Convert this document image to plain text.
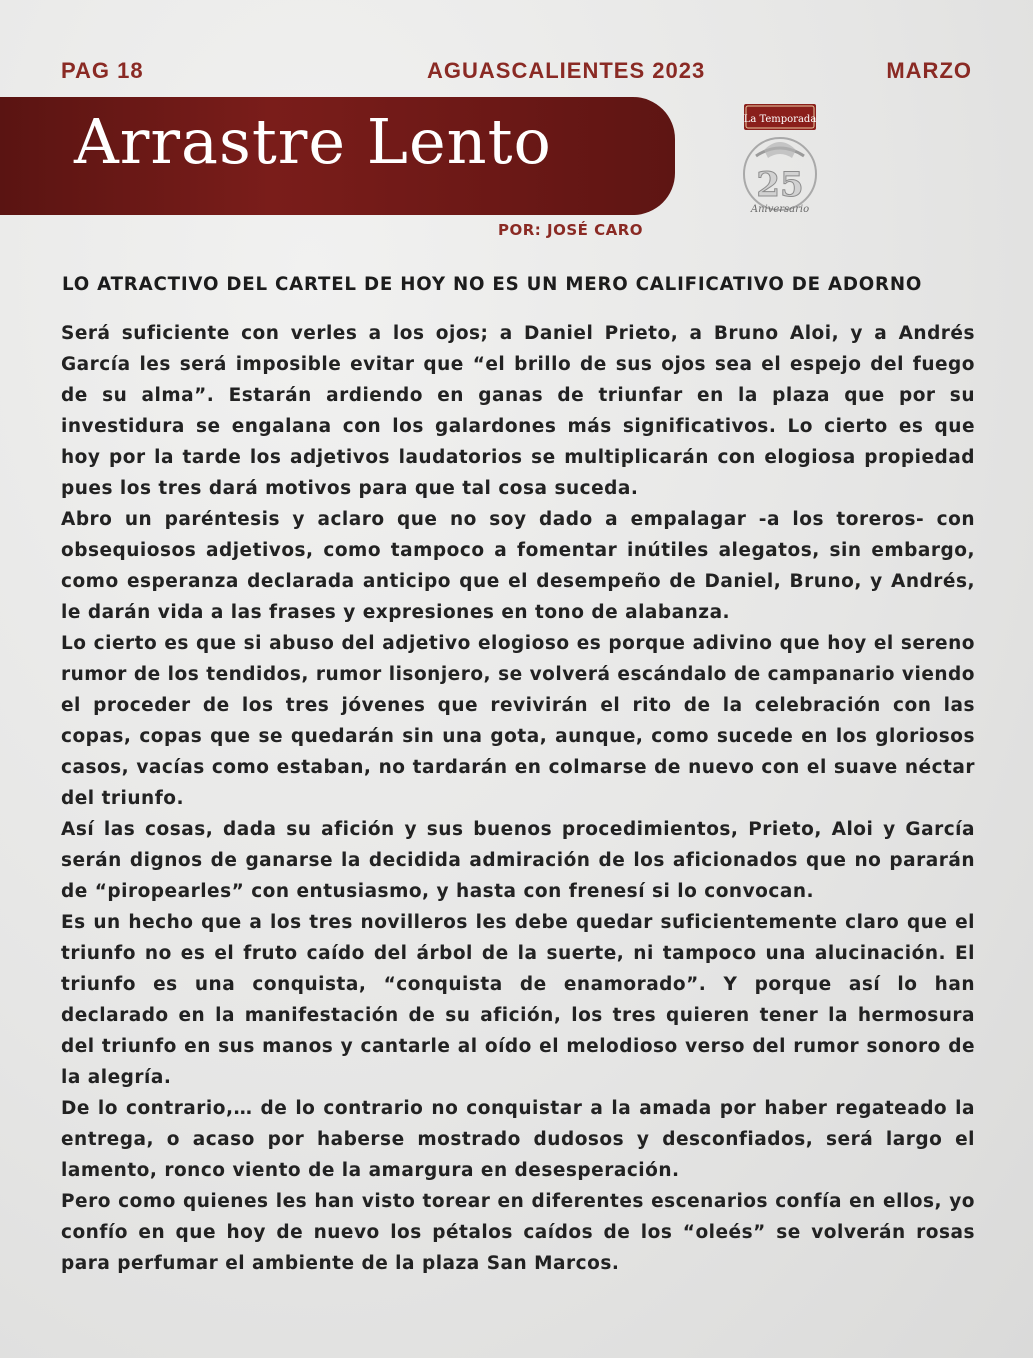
PAG 18	AGUASCALIENTES 2023	MARZO
Arrastre Lento	La Temporada
25
Aniversario
POR: JOSÉ CARO
LO ATRACTIVO DEL CARTEL DE HOY NO ES UN MERO CALIFICATIVO DE ADORNO

Será suficiente con verles a los ojos; a Daniel Prieto, a Bruno Aloi, y a Andrés García les será imposible evitar que “el brillo de sus ojos sea el espejo del fuego de su alma”. Estarán ardiendo en ganas de triunfar en la plaza que por su investidura se engalana con los galardones más significativos. Lo cierto es que hoy por la tarde los adjetivos laudatorios se multiplicarán con elogiosa propiedad pues los tres dará motivos para que tal cosa suceda.

Abro un paréntesis y aclaro que no soy dado a empalagar -a los toreros- con obsequiosos adjetivos, como tampoco a fomentar inútiles alegatos, sin embargo, como esperanza declarada anticipo que el desempeño de Daniel, Bruno, y Andrés, le darán vida a las frases y expresiones en tono de alabanza.

Lo cierto es que si abuso del adjetivo elogioso es porque adivino que hoy el sereno rumor de los tendidos, rumor lisonjero, se volverá escándalo de campanario viendo el proceder de los tres jóvenes que revivirán el rito de la celebración con las copas, copas que se quedarán sin una gota, aunque, como sucede en los gloriosos casos, vacías como estaban, no tardarán en colmarse de nuevo con el suave néctar del triunfo.

Así las cosas, dada su afición y sus buenos procedimientos, Prieto, Aloi y García serán dignos de ganarse la decidida admiración de los aficionados que no pararán de “piropearles” con entusiasmo, y hasta con frenesí si lo convocan.

Es un hecho que a los tres novilleros les debe quedar suficientemente claro que el triunfo no es el fruto caído del árbol de la suerte, ni tampoco una alucinación. El triunfo es una conquista, “conquista de enamorado”. Y porque así lo han declarado en la manifestación de su afición, los tres quieren tener la hermosura del triunfo en sus manos y cantarle al oído el melodioso verso del rumor sonoro de la alegría.

De lo contrario,… de lo contrario no conquistar a la amada por haber regateado la entrega, o acaso por haberse mostrado dudosos y desconfiados, será largo el lamento, ronco viento de la amargura en desesperación.

Pero como quienes les han visto torear en diferentes escenarios confía en ellos, yo confío en que hoy de nuevo los pétalos caídos de los “oleés” se volverán rosas para perfumar el ambiente de la plaza San Marcos.
